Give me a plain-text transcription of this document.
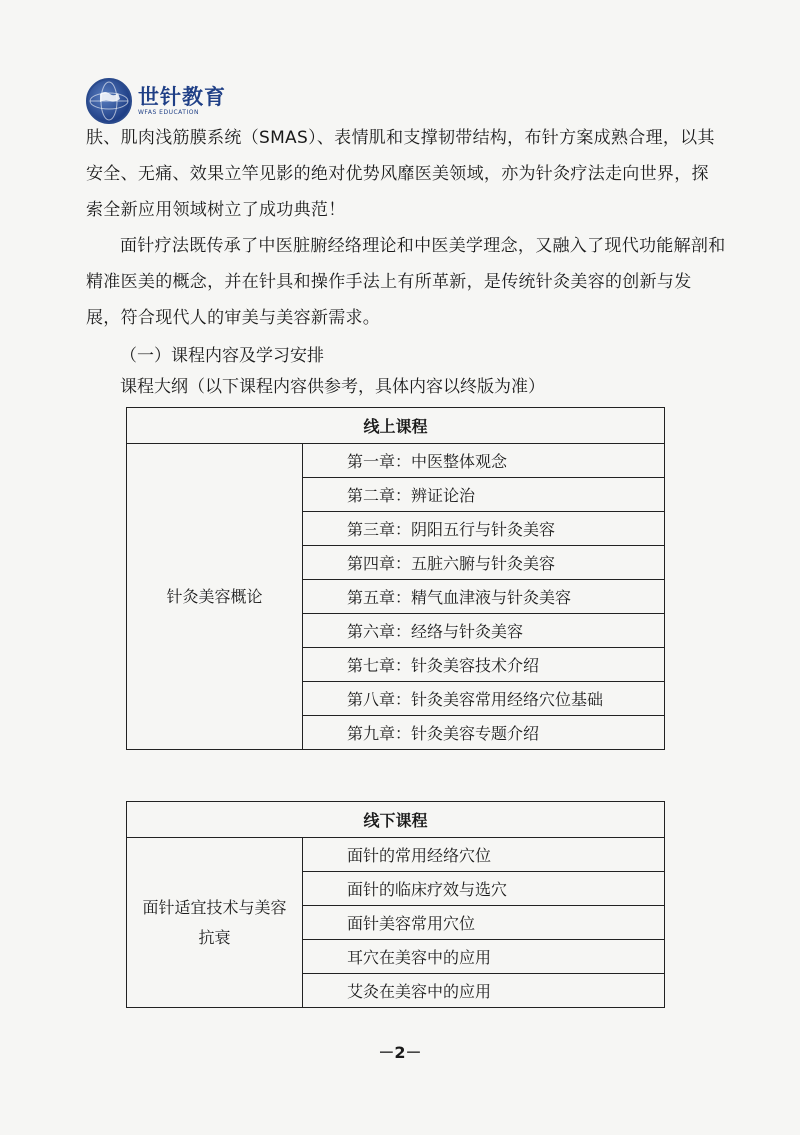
世针教育
WFAS EDUCATION
肤、肌肉浅筋膜系统（SMAS）、表情肌和支撑韧带结构，布针方案成熟合理，以其安全、无痛、效果立竿见影的绝对优势风靡医美领域，亦为针灸疗法走向世界，探索全新应用领域树立了成功典范！
面针疗法既传承了中医脏腑经络理论和中医美学理念，又融入了现代功能解剖和精准医美的概念，并在针具和操作手法上有所革新，是传统针灸美容的创新与发展，符合现代人的审美与美容新需求。
（一）课程内容及学习安排
课程大纲（以下课程内容供参考，具体内容以终版为准）
线上课程
针灸美容概论	第一章：中医整体观念
第二章：辨证论治
第三章：阴阳五行与针灸美容
第四章：五脏六腑与针灸美容
第五章：精气血津液与针灸美容
第六章：经络与针灸美容
第七章：针灸美容技术介绍
第八章：针灸美容常用经络穴位基础
第九章：针灸美容专题介绍
线下课程
面针适宜技术与美容抗衰	面针的常用经络穴位
面针的临床疗效与选穴
面针美容常用穴位
耳穴在美容中的应用
艾灸在美容中的应用
－2－
